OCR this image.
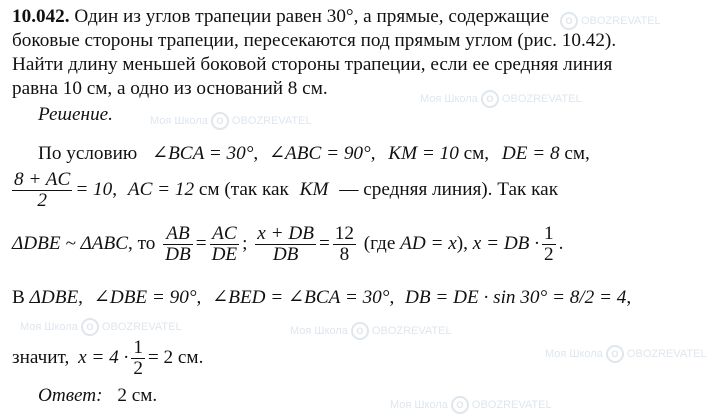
O OBOZREVATEL
Моя Школа O OBOZREVATEL
Моя Школа O OBOZREVATEL
Моя Школа O OBOZREVATEL	Моя Школа O OBOZREVATEL
Моя Школа O OBOZREVATEL
Моя Школа O OBOZREVATEL
10.042. Один из углов трапеции равен 30°, а прямые, содержащие
боковые стороны трапеции, пересекаются под прямым углом (рис. 10.42).
Найти длину меньшей боковой стороны трапеции, если ее средняя линия
равна 10 см, а одно из оснований 8 см.
Решение.
По условию ∠BCA = 30°, ∠ABC = 90°, KM = 10 см, DE = 8 см,
$\frac{8 + AC}{2} = 10$, AC = 12 см (так как KM — средняя линия). Так как
ΔDBE ~ ΔABC, то $\frac{AB}{DB} = \frac{AC}{DE}$ ; $\frac{x + DB}{DB} = \frac{12}{8} (где$ AD = x), x = DB · $\frac{1}{2}$ .
В ΔDBE, ∠DBE = 90°, ∠BED = ∠BCA = 30°, DB = DE · sin 30° = 8/2 = 4,
значит, $x = 4 \cdot \frac{1}{2} = 2$ см.
Ответ: 2 см.
